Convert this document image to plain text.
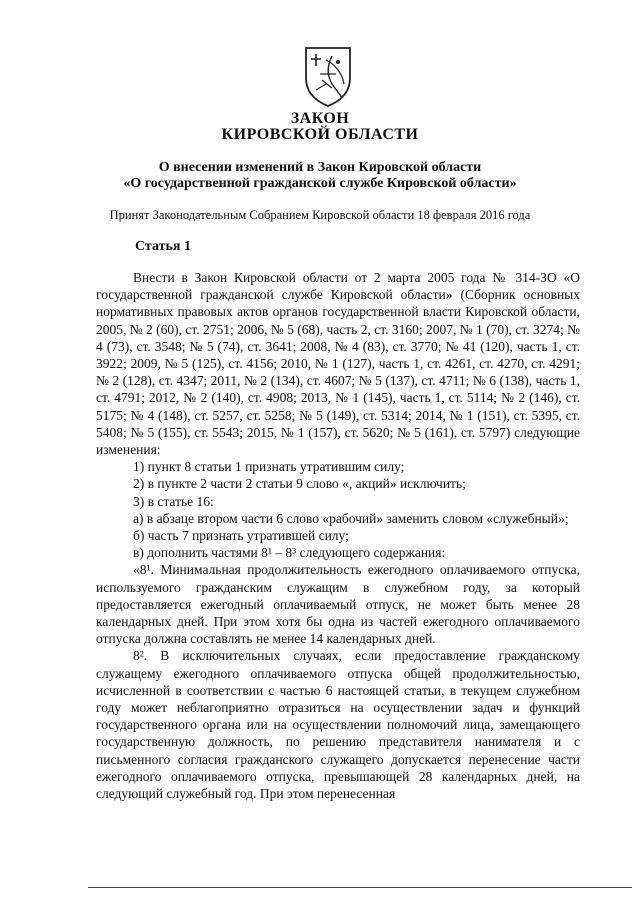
ЗАКОН
КИРОВСКОЙ ОБЛАСТИ
О внесении изменений в Закон Кировской области
«О государственной гражданской службе Кировской области»
Принят Законодательным Собранием Кировской области 18 февраля 2016 года
Статья 1

Внести в Закон Кировской области от 2 марта 2005 года № 314-ЗО «О государственной гражданской службе Кировской области» (Сборник основных нормативных правовых актов органов государственной власти Кировской области, 2005, № 2 (60), ст. 2751; 2006, № 5 (68), часть 2, ст. 3160; 2007, № 1 (70), ст. 3274; № 4 (73), ст. 3548; № 5 (74), ст. 3641; 2008, № 4 (83), ст. 3770; № 41 (120), часть 1, ст. 3922; 2009, № 5 (125), ст. 4156; 2010, № 1 (127), часть 1, ст. 4261, ст. 4270, ст. 4291; № 2 (128), ст. 4347; 2011, № 2 (134), ст. 4607; № 5 (137), ст. 4711; № 6 (138), часть 1, ст. 4791; 2012, № 2 (140), ст. 4908; 2013, № 1 (145), часть 1, ст. 5114; № 2 (146), ст. 5175; № 4 (148), ст. 5257, ст. 5258; № 5 (149), ст. 5314; 2014, № 1 (151), ст. 5395, ст. 5408; № 5 (155), ст. 5543; 2015, № 1 (157), ст. 5620; № 5 (161), ст. 5797) следующие изменения:

1) пункт 8 статьи 1 признать утратившим силу;

2) в пункте 2 части 2 статьи 9 слово «, акций» исключить;

3) в статье 16:

а) в абзаце втором части 6 слово «рабочий» заменить словом «служебный»;

б) часть 7 признать утратившей силу;

в) дополнить частями 8¹ – 8³ следующего содержания:

«8¹. Минимальная продолжительность ежегодного оплачиваемого отпуска, используемого гражданским служащим в служебном году, за который предоставляется ежегодный оплачиваемый отпуск, не может быть менее 28 календарных дней. При этом хотя бы одна из частей ежегодного оплачиваемого отпуска должна составлять не менее 14 календарных дней.

8². В исключительных случаях, если предоставление гражданскому служащему ежегодного оплачиваемого отпуска общей продолжительностью, исчисленной в соответствии с частью 6 настоящей статьи, в текущем служебном году может неблагоприятно отразиться на осуществлении задач и функций государственного органа или на осуществлении полномочий лица, замещающего государственную должность, по решению представителя нанимателя и с письменного согласия гражданского служащего допускается перенесение части ежегодного оплачиваемого отпуска, превышающей 28 календарных дней, на следующий служебный год. При этом перенесенная
